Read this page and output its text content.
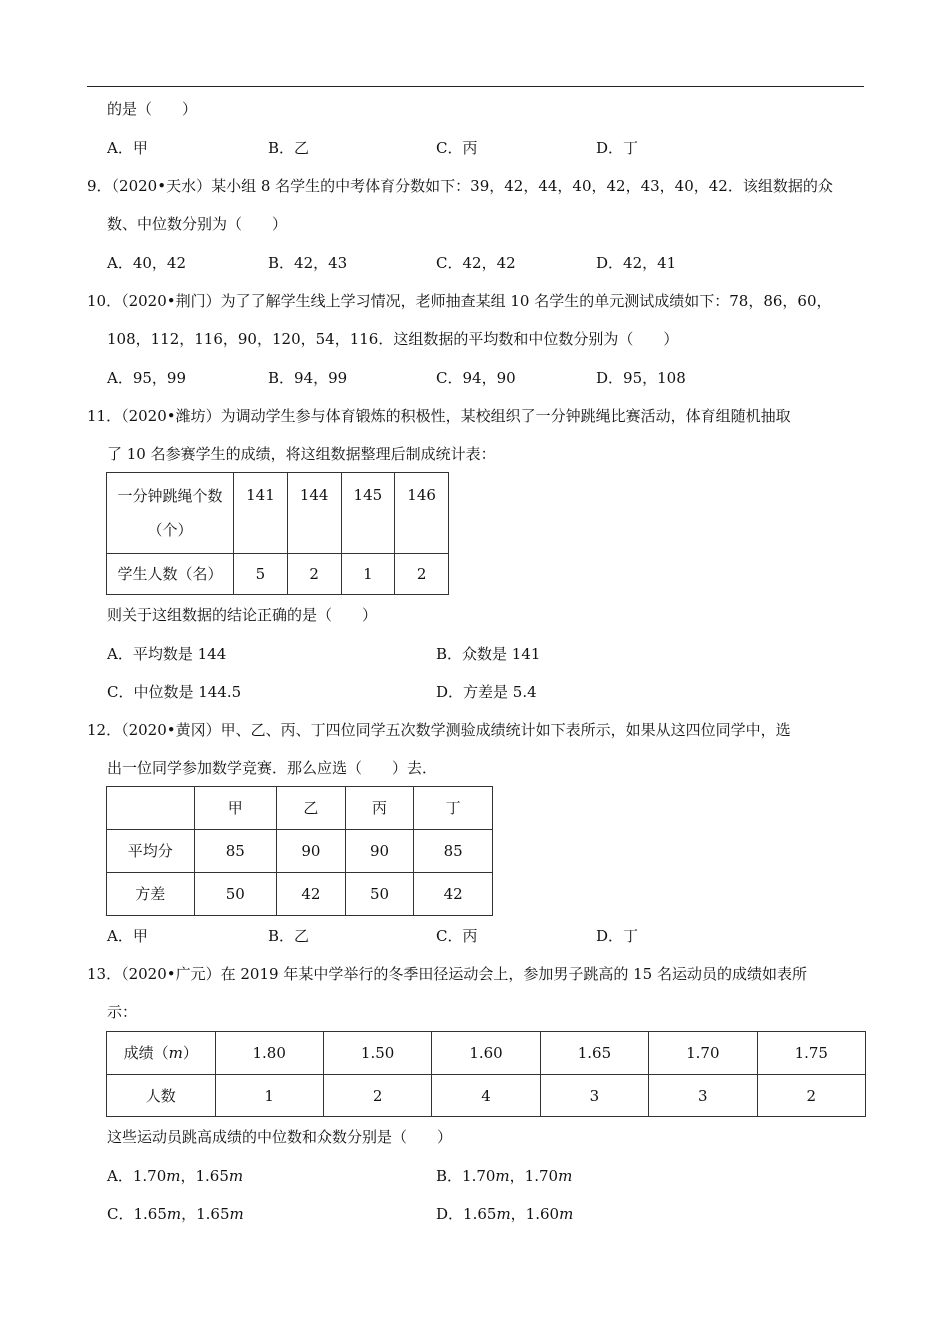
的是（　　）
A．甲	B．乙	C．丙	D．丁
9．（2020•天水）某小组 8 名学生的中考体育分数如下：39，42，44，40，42，43，40，42．该组数据的众
数、中位数分别为（　　）
A．40，42	B．42，43	C．42，42	D．42，41
10．（2020•荆门）为了了解学生线上学习情况，老师抽查某组 10 名学生的单元测试成绩如下：78，86，60，
108，112，116，90，120，54，116．这组数据的平均数和中位数分别为（　　）
A．95，99	B．94，99	C．94，90	D．95，108
11．（2020•潍坊）为调动学生参与体育锻炼的积极性，某校组织了一分钟跳绳比赛活动，体育组随机抽取
了 10 名参赛学生的成绩，将这组数据整理后制成统计表：
一分钟跳绳个数
（个）	141	144	145	146
学生人数（名）	5	2	1	2
则关于这组数据的结论正确的是（　　）
A．平均数是 144	B．众数是 141
C．中位数是 144.5	D．方差是 5.4
12．（2020•黄冈）甲、乙、丙、丁四位同学五次数学测验成绩统计如下表所示，如果从这四位同学中，选
出一位同学参加数学竞赛．那么应选（　　）去．
	甲	乙	丙	丁
平均分	85	90	90	85
方差	50	42	50	42
A．甲	B．乙	C．丙	D．丁
13．（2020•广元）在 2019 年某中学举行的冬季田径运动会上，参加男子跳高的 15 名运动员的成绩如表所
示：
成绩（m）	1.80	1.50	1.60	1.65	1.70	1.75
人数	1	2	4	3	3	2
这些运动员跳高成绩的中位数和众数分别是（　　）
A．1.70m，1.65m	B．1.70m，1.70m
C．1.65m，1.65m	D．1.65m，1.60m
